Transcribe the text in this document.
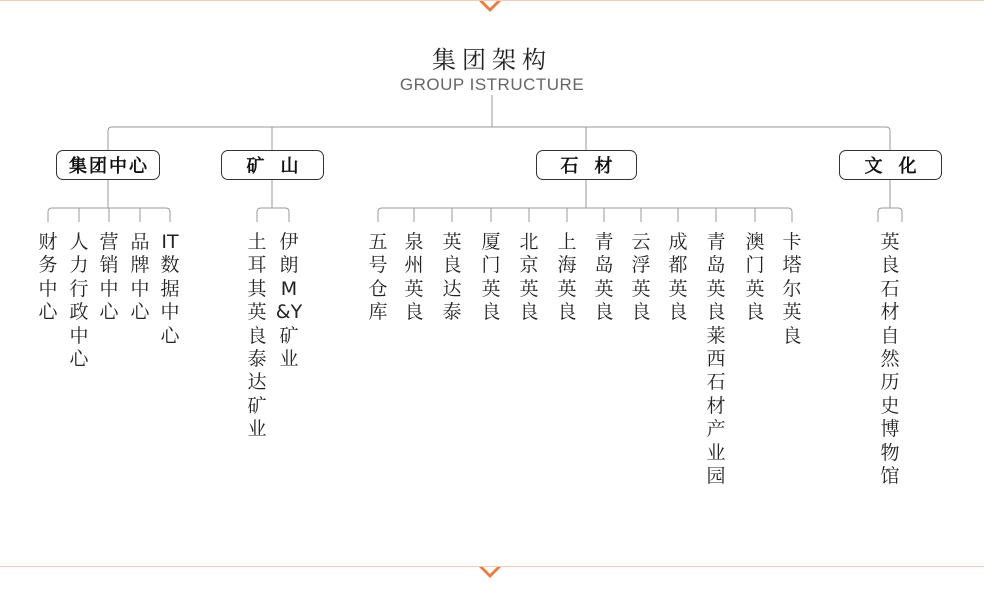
集团架构
GROUP ISTRUCTURE
集团中心	矿山	石材	文化
财务中心
人力行政中心
营销中心
品牌中心
IT数据中心
土耳其英良泰达矿业
伊朗M&Y矿业
五号仓库
泉州英良
英良达泰
厦门英良
北京英良
上海英良
青岛英良
云浮英良
成都英良
青岛英良莱西石材产业园
澳门英良
卡塔尔英良
英良石材自然历史博物馆
